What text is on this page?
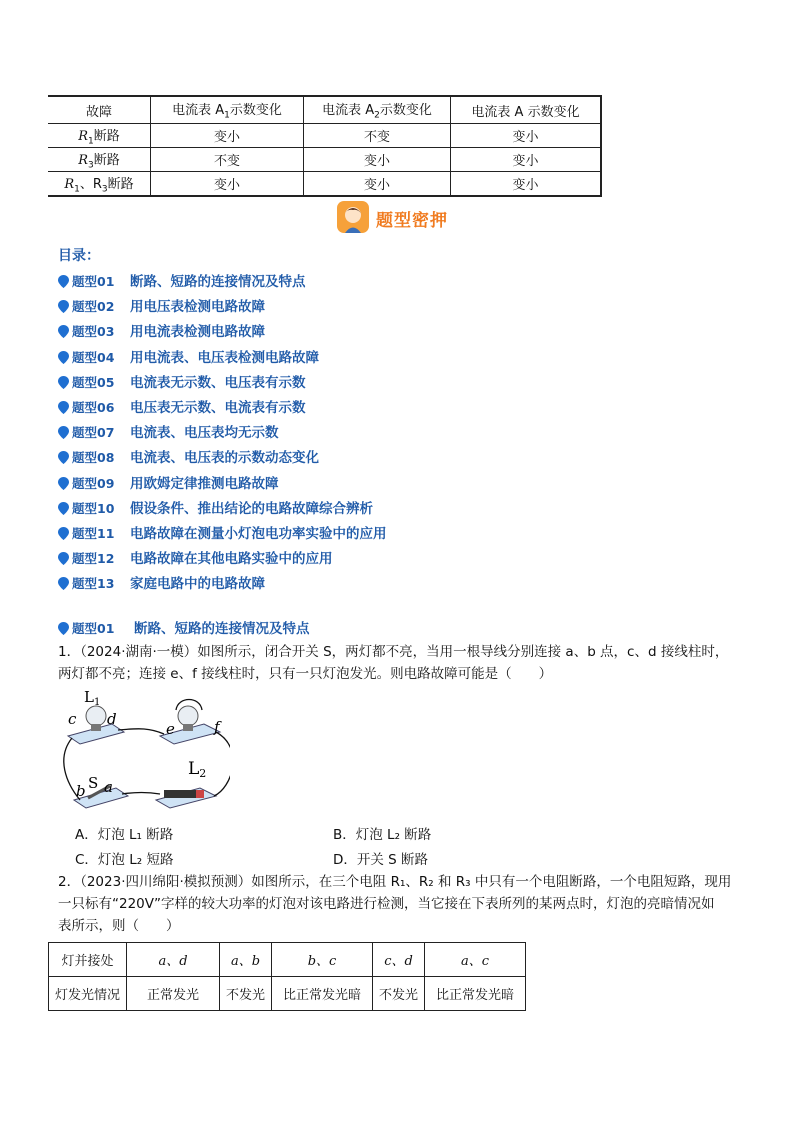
故障	电流表 $A_1$示数变化	电流表 $A_2$示数变化	电流表 A 示数变化
$R_1$断路	变小	不变	变小
$R_3$断路	不变	变小	变小
$R_1$、$R_3$断路	变小	变小	变小
题型密押
目录：
题型01 断路、短路的连接情况及特点
题型02 用电压表检测电路故障
题型03 用电流表检测电路故障
题型04 用电流表、电压表检测电路故障
题型05 电流表无示数、电压表有示数
题型06 电压表无示数、电流表有示数
题型07 电流表、电压表均无示数
题型08 电流表、电压表的示数动态变化
题型09 用欧姆定律推测电路故障
题型10 假设条件、推出结论的电路故障综合辨析
题型11 电路故障在测量小灯泡电功率实验中的应用
题型12 电路故障在其他电路实验中的应用
题型13 家庭电路中的电路故障
题型01 断路、短路的连接情况及特点
1．（2024·湖南·一模）如图所示，闭合开关 S，两灯都不亮，当用一根导线分别连接 a、b 点，c、d 接线柱时，
两灯都不亮；连接 e、f 接线柱时，只有一只灯泡发光。则电路故障可能是（　　）
$L_1$
c d
e	f
L2
S
b a
A．灯泡 L₁ 断路	B．灯泡 L₂ 断路
C．灯泡 L₂ 短路	D．开关 S 断路
2．（2023·四川绵阳·模拟预测）如图所示，在三个电阻 R₁、R₂ 和 R₃ 中只有一个电阻断路，一个电阻短路，现用
一只标有“220V”字样的较大功率的灯泡对该电路进行检测，当它接在下表所列的某两点时，灯泡的亮暗情况如
表所示，则（　　）
灯并接处	a、d	a、b	b、c	c、d	a、c
灯发光情况	正常发光	不发光	比正常发光暗	不发光	比正常发光暗
